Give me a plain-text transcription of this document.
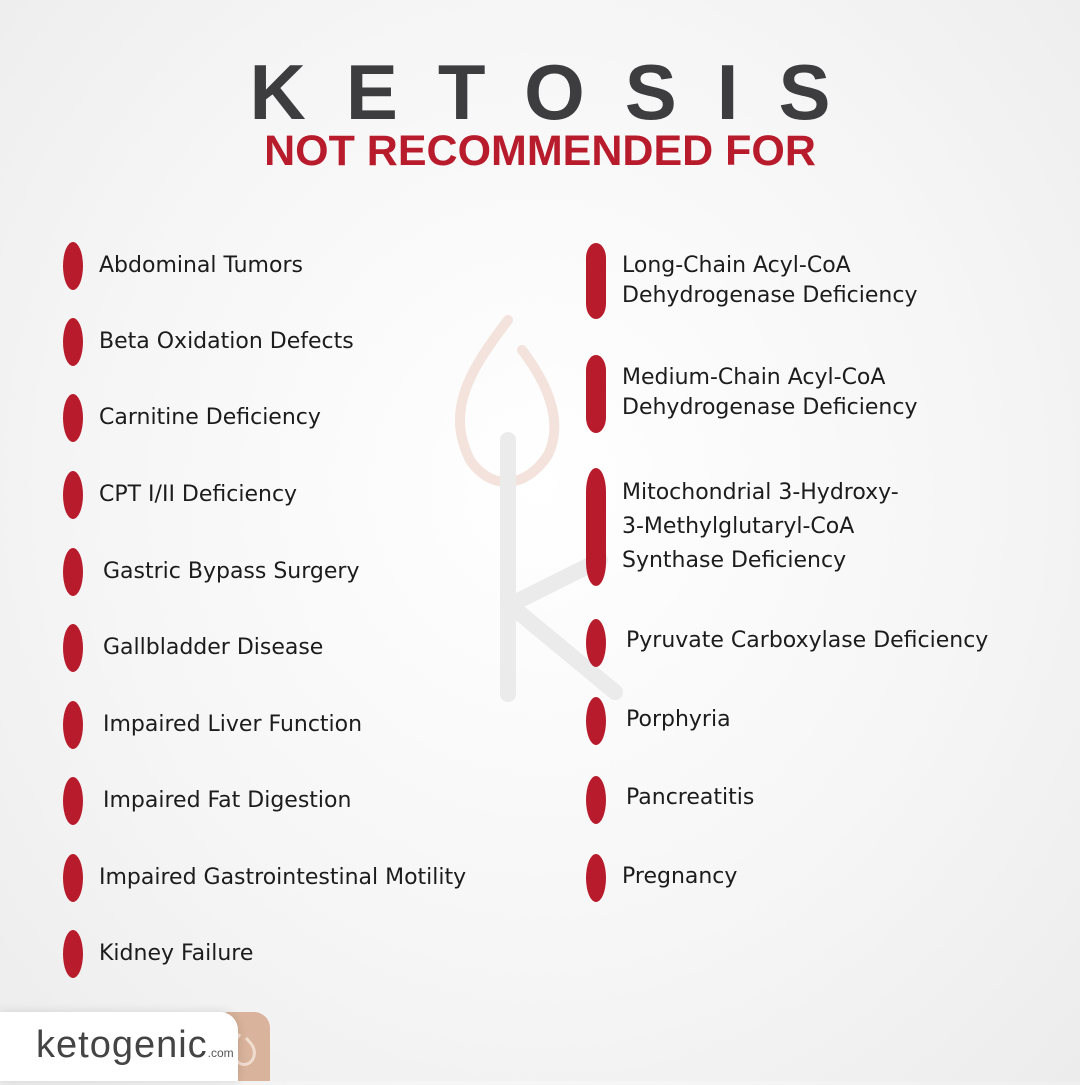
KETOSIS
NOT RECOMMENDED FOR
Abdominal Tumors
Beta Oxidation Defects
Carnitine Deficiency
CPT I/II Deficiency
Gastric Bypass Surgery
Gallbladder Disease
Impaired Liver Function
Impaired Fat Digestion
Impaired Gastrointestinal Motility
Kidney Failure
Long-Chain Acyl-CoA
Dehydrogenase Deficiency
Medium-Chain Acyl-CoA
Dehydrogenase Deficiency
Mitochondrial 3-Hydroxy-
3-Methylglutaryl-CoA
Synthase Deficiency
Pyruvate Carboxylase Deficiency
Porphyria
Pancreatitis
Pregnancy
ketogenic.com
